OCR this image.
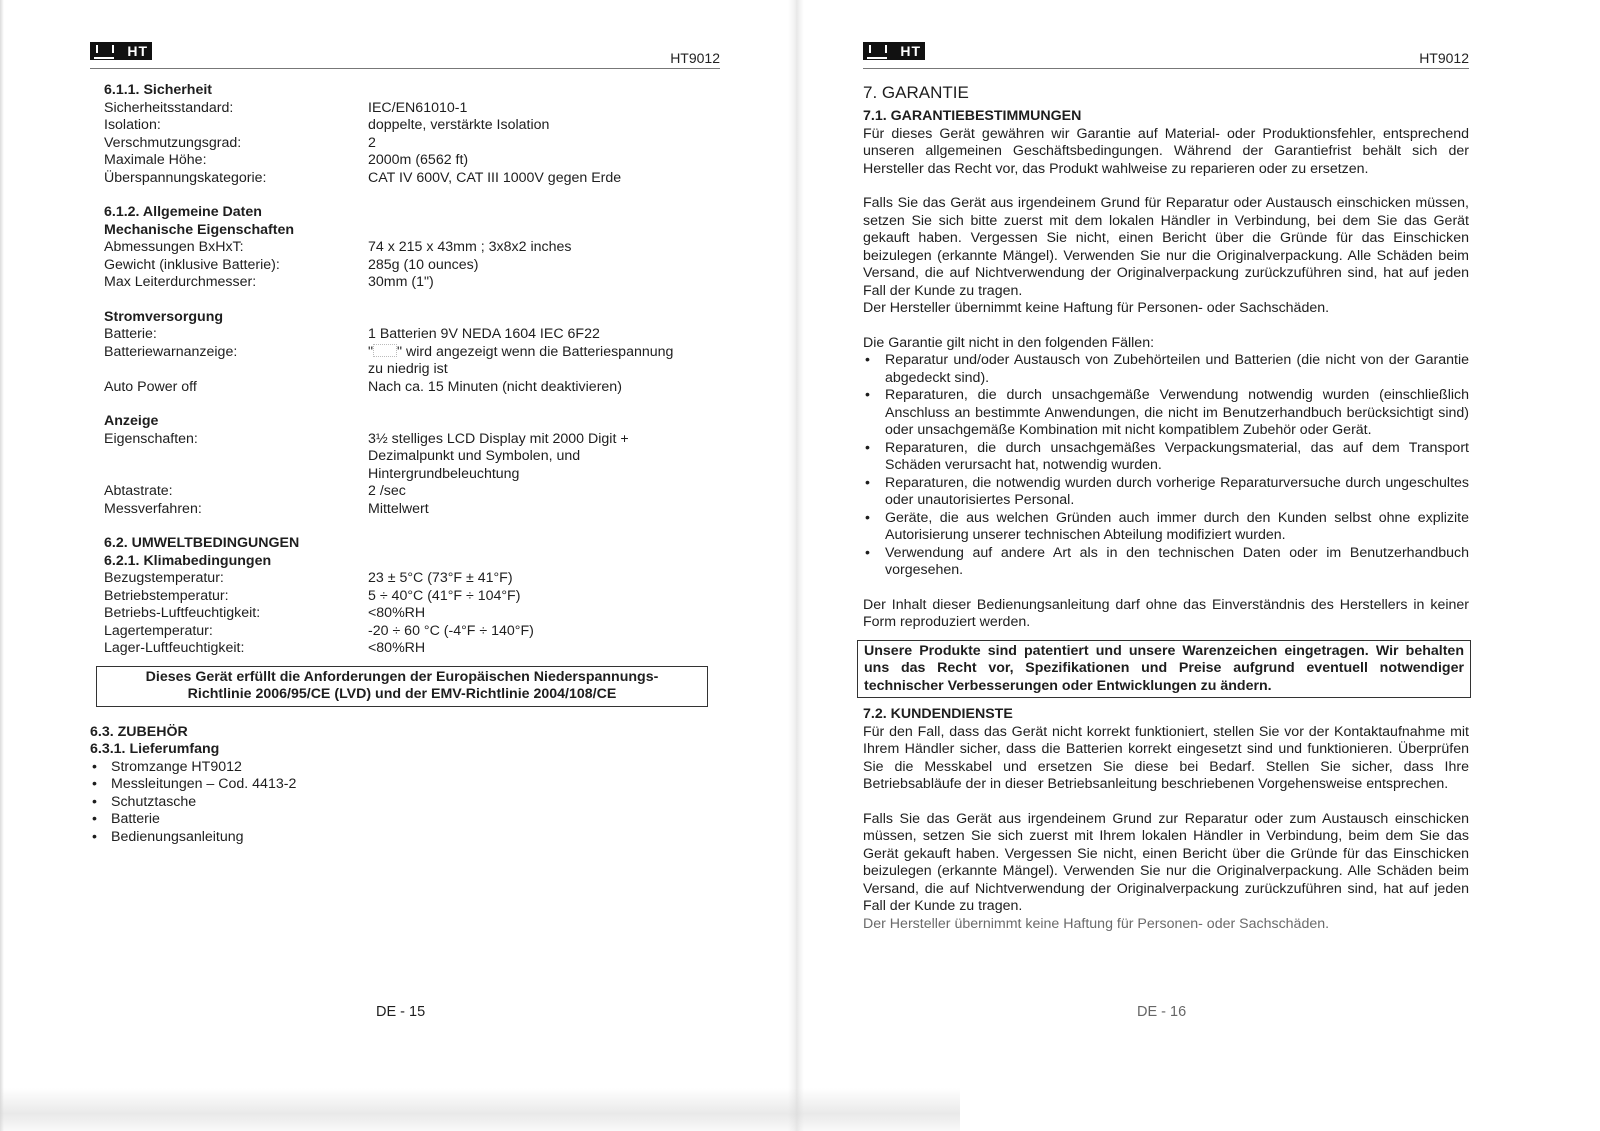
HT	HT9012
6.1.1. Sicherheit
Sicherheitsstandard:	IEC/EN61010-1
Isolation:	doppelte, verstärkte Isolation
Verschmutzungsgrad:	2
Maximale Höhe:	2000m (6562 ft)
Überspannungskategorie:	CAT IV 600V, CAT III 1000V gegen Erde
6.1.2. Allgemeine Daten
Mechanische Eigenschaften
Abmessungen BxHxT:	74 x 215 x 43mm ; 3x8x2 inches
Gewicht (inklusive Batterie):	285g (10 ounces)
Max Leiterdurchmesser:	30mm (1")
Stromversorgung
Batterie:	1 Batterien 9V NEDA 1604 IEC 6F22
Batteriewarnanzeige:	" " wird angezeigt wenn die Batteriespannung
zu niedrig ist
Auto Power off	Nach ca. 15 Minuten (nicht deaktivieren)
Anzeige
Eigenschaften:	3½ stelliges LCD Display mit 2000 Digit +
Dezimalpunkt und Symbolen, und
Hintergrundbeleuchtung
Abtastrate:	2 /sec
Messverfahren:	Mittelwert
6.2. UMWELTBEDINGUNGEN
6.2.1. Klimabedingungen
Bezugstemperatur:	23 ± 5°C (73°F ± 41°F)
Betriebstemperatur:	5 ÷ 40°C (41°F ÷ 104°F)
Betriebs-Luftfeuchtigkeit:	<80%RH
Lagertemperatur:	-20 ÷ 60 °C (-4°F ÷ 140°F)
Lager-Luftfeuchtigkeit:	<80%RH
Dieses Gerät erfüllt die Anforderungen der Europäischen Niederspannungs-
Richtlinie 2006/95/CE (LVD) und der EMV-Richtlinie 2004/108/CE
6.3. ZUBEHÖR
6.3.1. Lieferumfang
• Stromzange HT9012
• Messleitungen – Cod. 4413-2
• Schutztasche
• Batterie
• Bedienungsanleitung
DE - 15
HT	HT9012
7. GARANTIE
7.1. GARANTIEBESTIMMUNGEN

Für dieses Gerät gewähren wir Garantie auf Material- oder Produktionsfehler, entsprechend unseren allgemeinen Geschäftsbedingungen. Während der Garantiefrist behält sich der Hersteller das Recht vor, das Produkt wahlweise zu reparieren oder zu ersetzen.

Falls Sie das Gerät aus irgendeinem Grund für Reparatur oder Austausch einschicken müssen, setzen Sie sich bitte zuerst mit dem lokalen Händler in Verbindung, bei dem Sie das Gerät gekauft haben. Vergessen Sie nicht, einen Bericht über die Gründe für das Einschicken beizulegen (erkannte Mängel). Verwenden Sie nur die Originalverpackung. Alle Schäden beim Versand, die auf Nichtverwendung der Originalverpackung zurückzuführen sind, hat auf jeden Fall der Kunde zu tragen.

Der Hersteller übernimmt keine Haftung für Personen- oder Sachschäden.

Die Garantie gilt nicht in den folgenden Fällen:

• Reparatur und/oder Austausch von Zubehörteilen und Batterien (die nicht von der Garantie abgedeckt sind).

• Reparaturen, die durch unsachgemäße Verwendung notwendig wurden (einschließlich Anschluss an bestimmte Anwendungen, die nicht im Benutzerhandbuch berücksichtigt sind) oder unsachgemäße Kombination mit nicht kompatiblem Zubehör oder Gerät.

• Reparaturen, die durch unsachgemäßes Verpackungsmaterial, das auf dem Transport Schäden verursacht hat, notwendig wurden.

• Reparaturen, die notwendig wurden durch vorherige Reparaturversuche durch ungeschultes oder unautorisiertes Personal.

• Geräte, die aus welchen Gründen auch immer durch den Kunden selbst ohne explizite Autorisierung unserer technischen Abteilung modifiziert wurden.

• Verwendung auf andere Art als in den technischen Daten oder im Benutzerhandbuch vorgesehen.

Der Inhalt dieser Bedienungsanleitung darf ohne das Einverständnis des Herstellers in keiner Form reproduziert werden.

Unsere Produkte sind patentiert und unsere Warenzeichen eingetragen. Wir behalten uns das Recht vor, Spezifikationen und Preise aufgrund eventuell notwendiger technischer Verbesserungen oder Entwicklungen zu ändern.
7.2. KUNDENDIENSTE

Für den Fall, dass das Gerät nicht korrekt funktioniert, stellen Sie vor der Kontaktaufnahme mit Ihrem Händler sicher, dass die Batterien korrekt eingesetzt sind und funktionieren. Überprüfen Sie die Messkabel und ersetzen Sie diese bei Bedarf. Stellen Sie sicher, dass Ihre Betriebsabläufe der in dieser Betriebsanleitung beschriebenen Vorgehensweise entsprechen.

Falls Sie das Gerät aus irgendeinem Grund zur Reparatur oder zum Austausch einschicken müssen, setzen Sie sich zuerst mit Ihrem lokalen Händler in Verbindung, beim dem Sie das Gerät gekauft haben. Vergessen Sie nicht, einen Bericht über die Gründe für das Einschicken beizulegen (erkannte Mängel). Verwenden Sie nur die Originalverpackung. Alle Schäden beim Versand, die auf Nichtverwendung der Originalverpackung zurückzuführen sind, hat auf jeden Fall der Kunde zu tragen.

Der Hersteller übernimmt keine Haftung für Personen- oder Sachschäden.

DE - 16
